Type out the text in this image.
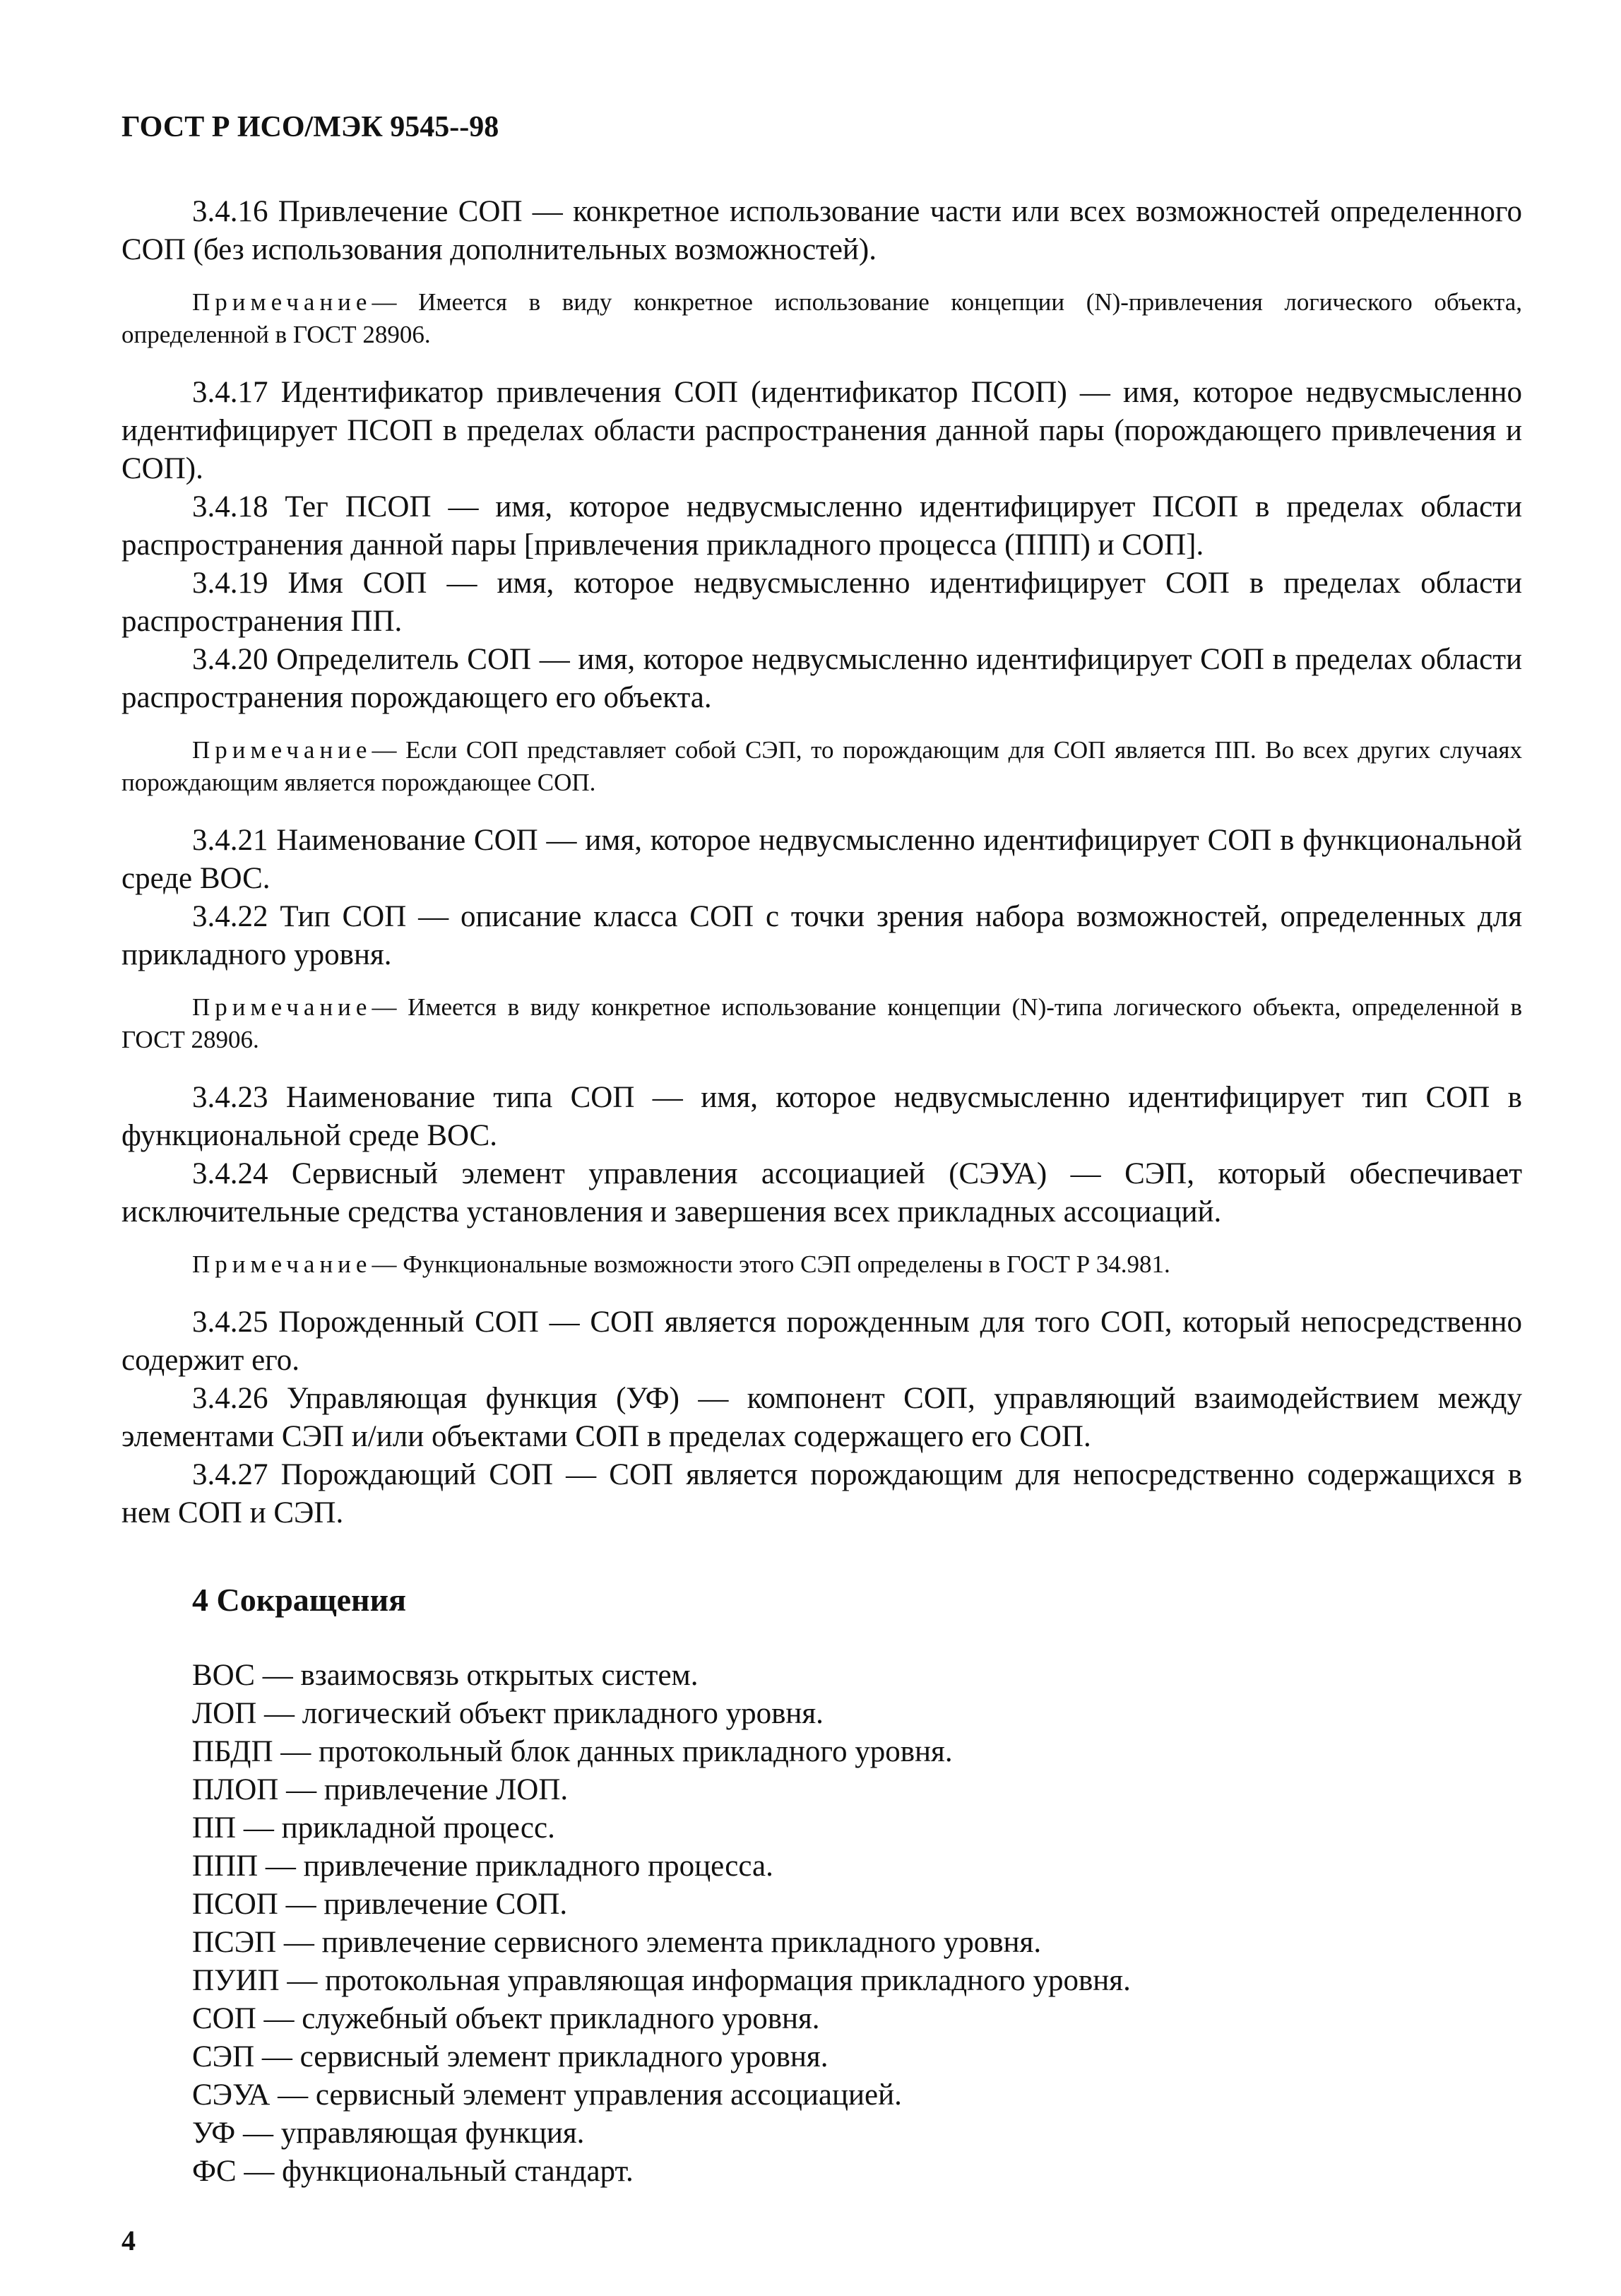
ГОСТ Р ИСО/МЭК 9545--98

3.4.16 Привлечение СОП — конкретное использование части или всех возможностей определенного СОП (без использования дополнительных возможностей).

Примечание— Имеется в виду конкретное использование концепции (N)-привлечения логического объекта, определенной в ГОСТ 28906.

3.4.17 Идентификатор привлечения СОП (идентификатор ПСОП) — имя, которое недвусмысленно идентифицирует ПСОП в пределах области распространения данной пары (порождающего привлечения и СОП).

3.4.18 Тег ПСОП — имя, которое недвусмысленно идентифицирует ПСОП в пределах области распространения данной пары [привлечения прикладного процесса (ППП) и СОП].

3.4.19 Имя СОП — имя, которое недвусмысленно идентифицирует СОП в пределах области распространения ПП.

3.4.20 Определитель СОП — имя, которое недвусмысленно идентифицирует СОП в пределах области распространения порождающего его объекта.

Примечание— Если СОП представляет собой СЭП, то порождающим для СОП является ПП. Во всех других случаях порождающим является порождающее СОП.

3.4.21 Наименование СОП — имя, которое недвусмысленно идентифицирует СОП в функциональной среде ВОС.

3.4.22 Тип СОП — описание класса СОП с точки зрения набора возможностей, определенных для прикладного уровня.

Примечание— Имеется в виду конкретное использование концепции (N)-типа логического объекта, определенной в ГОСТ 28906.

3.4.23 Наименование типа СОП — имя, которое недвусмысленно идентифицирует тип СОП в функциональной среде ВОС.

3.4.24 Сервисный элемент управления ассоциацией (СЭУА) — СЭП, который обеспечивает исключительные средства установления и завершения всех прикладных ассоциаций.

Примечание— Функциональные возможности этого СЭП определены в ГОСТ Р 34.981.

3.4.25 Порожденный СОП — СОП является порожденным для того СОП, который непосредственно содержит его.

3.4.26 Управляющая функция (УФ) — компонент СОП, управляющий взаимодействием между элементами СЭП и/или объектами СОП в пределах содержащего его СОП.

3.4.27 Порождающий СОП — СОП является порождающим для непосредственно содержащихся в нем СОП и СЭП.

4 Сокращения
ВОС — взаимосвязь открытых систем.
ЛОП — логический объект прикладного уровня.
ПБДП — протокольный блок данных прикладного уровня.
ПЛОП — привлечение ЛОП.
ПП — прикладной процесс.
ППП — привлечение прикладного процесса.
ПСОП — привлечение СОП.
ПСЭП — привлечение сервисного элемента прикладного уровня.
ПУИП — протокольная управляющая информация прикладного уровня.
СОП — служебный объект прикладного уровня.
СЭП — сервисный элемент прикладного уровня.
СЭУА — сервисный элемент управления ассоциацией.
УФ — управляющая функция.
ФС — функциональный стандарт.
4
